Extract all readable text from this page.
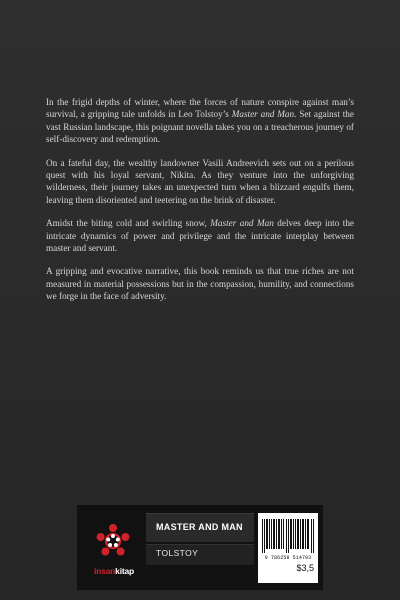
In the frigid depths of winter, where the forces of nature conspire against man’s survival, a gripping tale unfolds in Leo Tolstoy’s Master and Man. Set against the vast Russian landscape, this poignant novella takes you on a treacherous journey of self-discovery and redemption.

On a fateful day, the wealthy landowner Vasili Andreevich sets out on a perilous quest with his loyal servant, Nikita. As they venture into the unforgiving wilderness, their journey takes an unexpected turn when a blizzard engulfs them, leaving them disoriented and teetering on the brink of disaster.

Amidst the biting cold and swirling snow, Master and Man delves deep into the intricate dynamics of power and privilege and the intricate interplay between master and servant.

A gripping and evocative narrative, this book reminds us that true riches are not measured in material possessions but in the compassion, humility, and connections we forge in the face of adversity.

insankitap
MASTER AND MAN
TOLSTOY	9 786258 514793
$3,5
